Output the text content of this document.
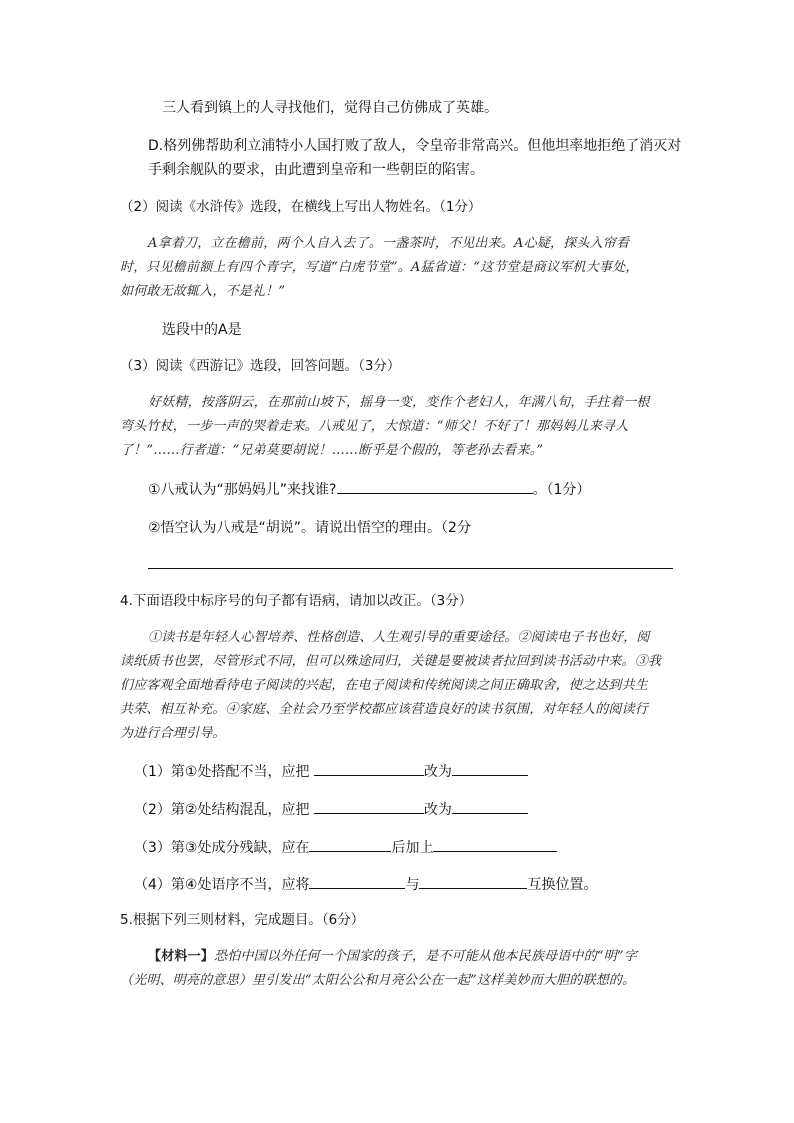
三人看到镇上的人寻找他们，觉得自己仿佛成了英雄。
D.格列佛帮助利立浦特小人国打败了敌人，令皇帝非常高兴。但他坦率地拒绝了消灭对
手剩余舰队的要求，由此遭到皇帝和一些朝臣的陷害。
（2）阅读《水浒传》选段，在横线上写出人物姓名。（1分）
A拿着刀，立在檐前，两个人自入去了。一盏茶时，不见出来。A心疑，探头入帘看
时，只见檐前额上有四个青字，写道“白虎节堂”。A猛省道：“这节堂是商议军机大事处，
如何敢无故辄入，不是礼！”
选段中的A是
（3）阅读《西游记》选段，回答问题。（3分）
好妖精，按落阴云，在那前山坡下，摇身一变，变作个老妇人，年满八旬，手拄着一根
弯头竹杖，一步一声的哭着走来。八戒见了，大惊道：“师父！不好了！那妈妈儿来寻人
了！”……行者道：“兄弟莫要胡说！……断乎是个假的，等老孙去看来。”
①八戒认为“那妈妈儿”来找谁?	。（1分）
②悟空认为八戒是“胡说”。请说出悟空的理由。（2分
4.下面语段中标序号的句子都有语病，请加以改正。（3分）
①读书是年轻人心智培养、性格创造、人生观引导的重要途径。②阅读电子书也好，阅
读纸质书也罢，尽管形式不同，但可以殊途同归，关键是要被读者拉回到读书活动中来。③我
们应客观全面地看待电子阅读的兴起，在电子阅读和传统阅读之间正确取舍，使之达到共生
共荣、相互补充。④家庭、全社会乃至学校都应该营造良好的读书氛围，对年轻人的阅读行
为进行合理引导。
（1）第①处搭配不当，应把	改为
（2）第②处结构混乱，应把	改为
（3）第③处成分残缺，应在	后加上
（4）第④处语序不当，应将	与	互换位置。
5.根据下列三则材料，完成题目。（6分）
【材料一】恐怕中国以外任何一个国家的孩子，是不可能从他本民族母语中的“明”字
（光明、明亮的意思）里引发出“太阳公公和月亮公公在一起”这样美妙而大胆的联想的。
